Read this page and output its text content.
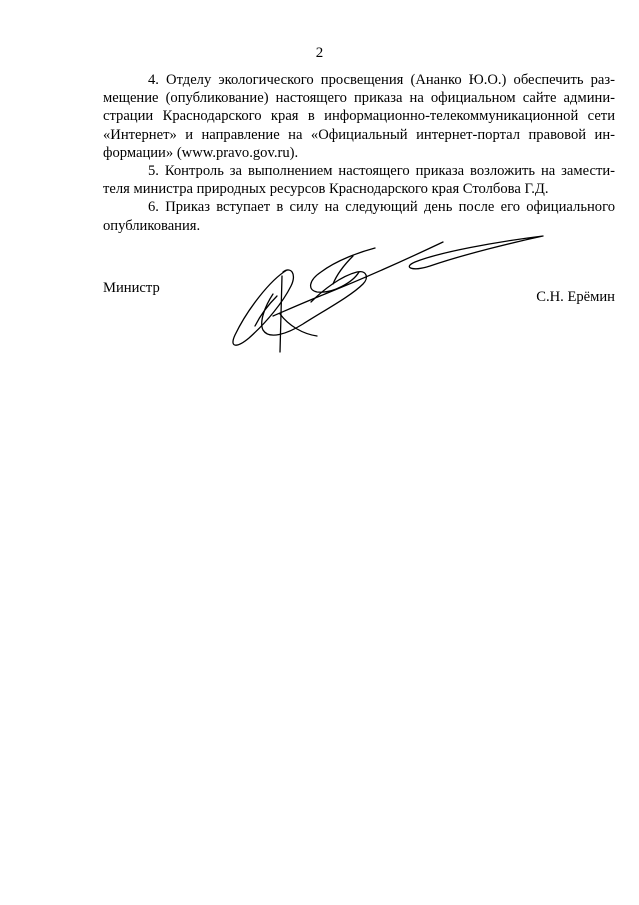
2

4. Отделу экологического просвещения (Ананко Ю.О.) обеспечить раз-
мещение (опубликование) настоящего приказа на официальном сайте админи-
страции Краснодарского края в информационно-телекоммуникационной сети
«Интернет» и направление на «Официальный интернет-портал правовой ин-
формации» (www.pravo.gov.ru).

5. Контроль за выполнением настоящего приказа возложить на замести-
теля министра природных ресурсов Краснодарского края Столбова Г.Д.

6. Приказ вступает в силу на следующий день после его официального
опубликования.

Министр
С.Н. Ерёмин
